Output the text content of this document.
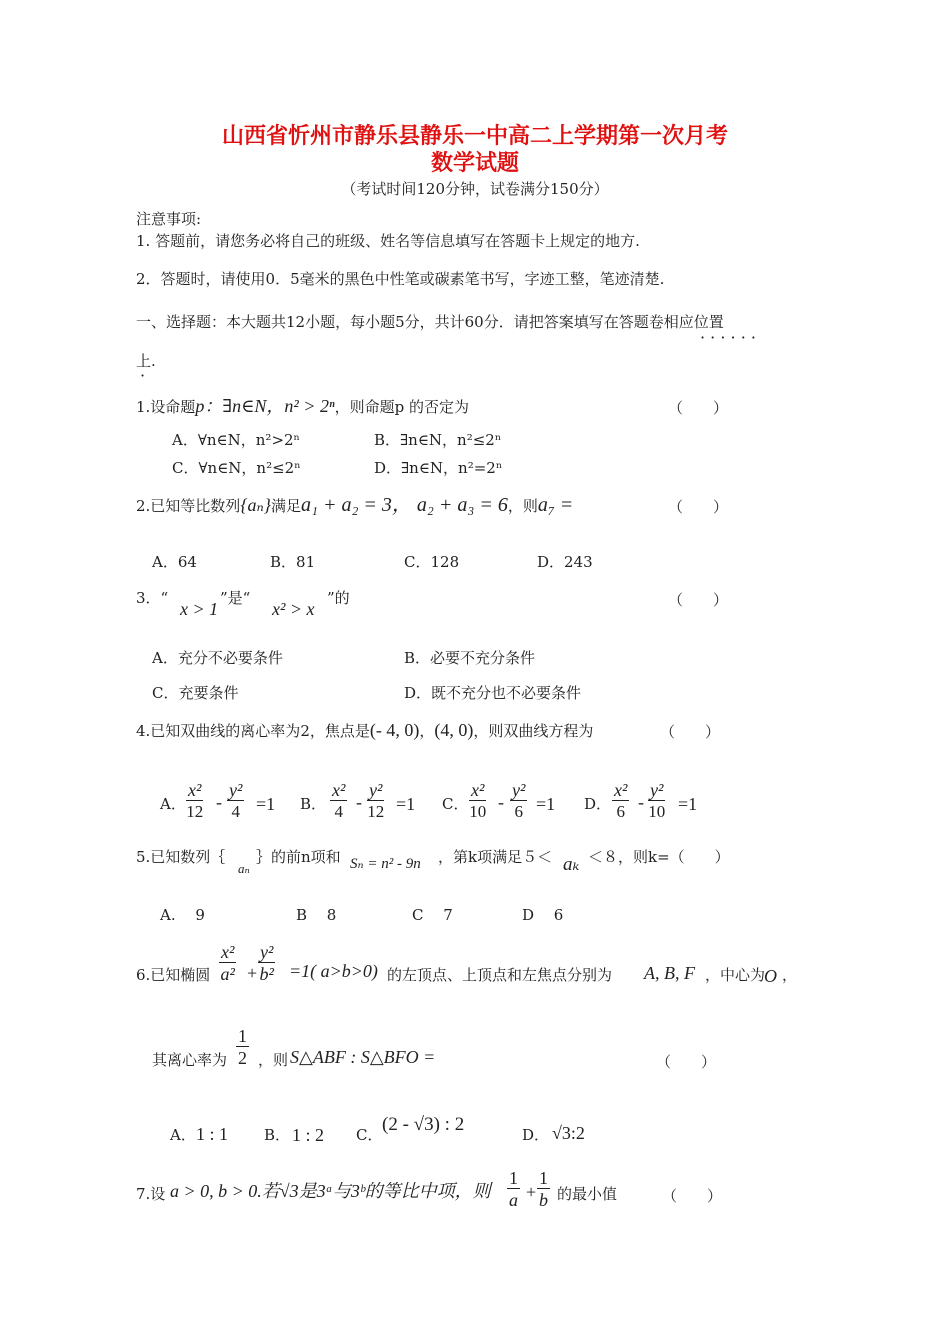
山西省忻州市静乐县静乐一中高二上学期第一次月考
数学试题
（考试时间120分钟，试卷满分150分）
注意事项:
1. 答题前，请您务必将自己的班级、姓名等信息填写在答题卡上规定的地方.
2．答题时，请使用0．5毫米的黑色中性笔或碳素笔书写，字迹工整，笔迹清楚.
一、选择题：本大题共12小题，每小题5分，共计60分．请把答案填写在答题卷相应位置
· · · · · ·
上.
·
1.设命题p：∃n∈N，n² > 2ⁿ，则命题p 的否定为	（　　）
A．∀n∈N，n²>2ⁿ	B．∃n∈N，n²≤2ⁿ
C．∀n∈N，n²≤2ⁿ	D．∃n∈N，n²=2ⁿ
2.已知等比数列{aₙ}满足a₁ + a₂ = 3， a₂ + a₃ = 6，则a₇ =	（　　）
A．64	B．81	C．128	D．243
3．“
x > 1
”是“
x² > x
”的	（　　）
A．充分不必要条件	B．必要不充分条件
C．充要条件	D．既不充分也不必要条件
4.已知双曲线的离心率为2，焦点是(- 4, 0)，(4, 0)，则双曲线方程为	（　　）
A． $\frac{\text{x²}}{12} - \frac{\text{y²}}{4} =1$ B． $\frac{\text{x²}}{4} - \frac{\text{y²}}{12} =1$ C． $\frac{\text{x²}}{10} - \frac{\text{y²}}{6} =1$ D． $\frac{\text{x²}}{6} - \frac{\text{y²}}{10} =1$
5.已知数列｛
aₙ
｝的前n项和 Sₙ = n² - 9n ，第k项满足５＜ aₖ ＜８，则k=（　　）
A.　 9	B　 8	C　 7	D　 6
6.已知椭圆 $\frac{\text{x²}}{\text{a²}} + \frac{\text{y²}}{\text{b²}} =1$( a>b>0) 的左顶点、上顶点和左焦点分别为 A, B, F ，中心为
O ，
其离心率为 $\frac{1}{2}$ ，则 S△ABF : S△BFO =	（　　）
A． 1 : 1 B． 1 : 2 C． (2 - √3) : 2	D． √3:2
7.设 a > 0, b > 0.若√3是3ᵃ与3ᵇ的等比中项，则 $\frac{1}{a} + \frac{1}{b}$ 的最小值	（　　）
